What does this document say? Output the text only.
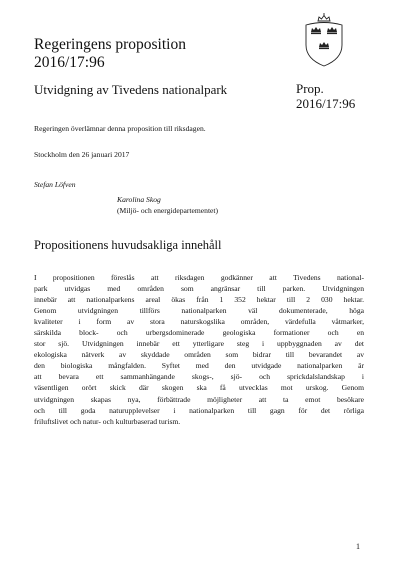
Regeringens proposition
2016/17:96
Utvidgning av Tivedens nationalpark	Prop.
2016/17:96
Regeringen överlämnar denna proposition till riksdagen.
Stockholm den 26 januari 2017
Stefan Löfven
Karolina Skog
(Miljö- och energidepartementet)
Propositionens huvudsakliga innehåll
I propositionen föreslås att riksdagen godkänner att Tivedens national-
park utvidgas med områden som angränsar till parken. Utvidgningen
innebär att nationalparkens areal ökas från 1 352 hektar till 2 030 hektar.
Genom utvidgningen tillförs nationalparken väl dokumenterade, höga
kvaliteter i form av stora naturskogslika områden, värdefulla våtmarker,
särskilda block- och urbergsdominerade geologiska formationer och en
stor sjö. Utvidgningen innebär ett ytterligare steg i uppbyggnaden av det
ekologiska nätverk av skyddade områden som bidrar till bevarandet av
den biologiska mångfalden. Syftet med den utvidgade nationalparken är
att bevara ett sammanhängande skogs-, sjö- och sprickdalslandskap i
väsentligen orört skick där skogen ska få utvecklas mot urskog. Genom
utvidgningen skapas nya, förbättrade möjligheter att ta emot besökare
och till goda naturupplevelser i nationalparken till gagn för det rörliga
friluftslivet och natur- och kulturbaserad turism.
1
